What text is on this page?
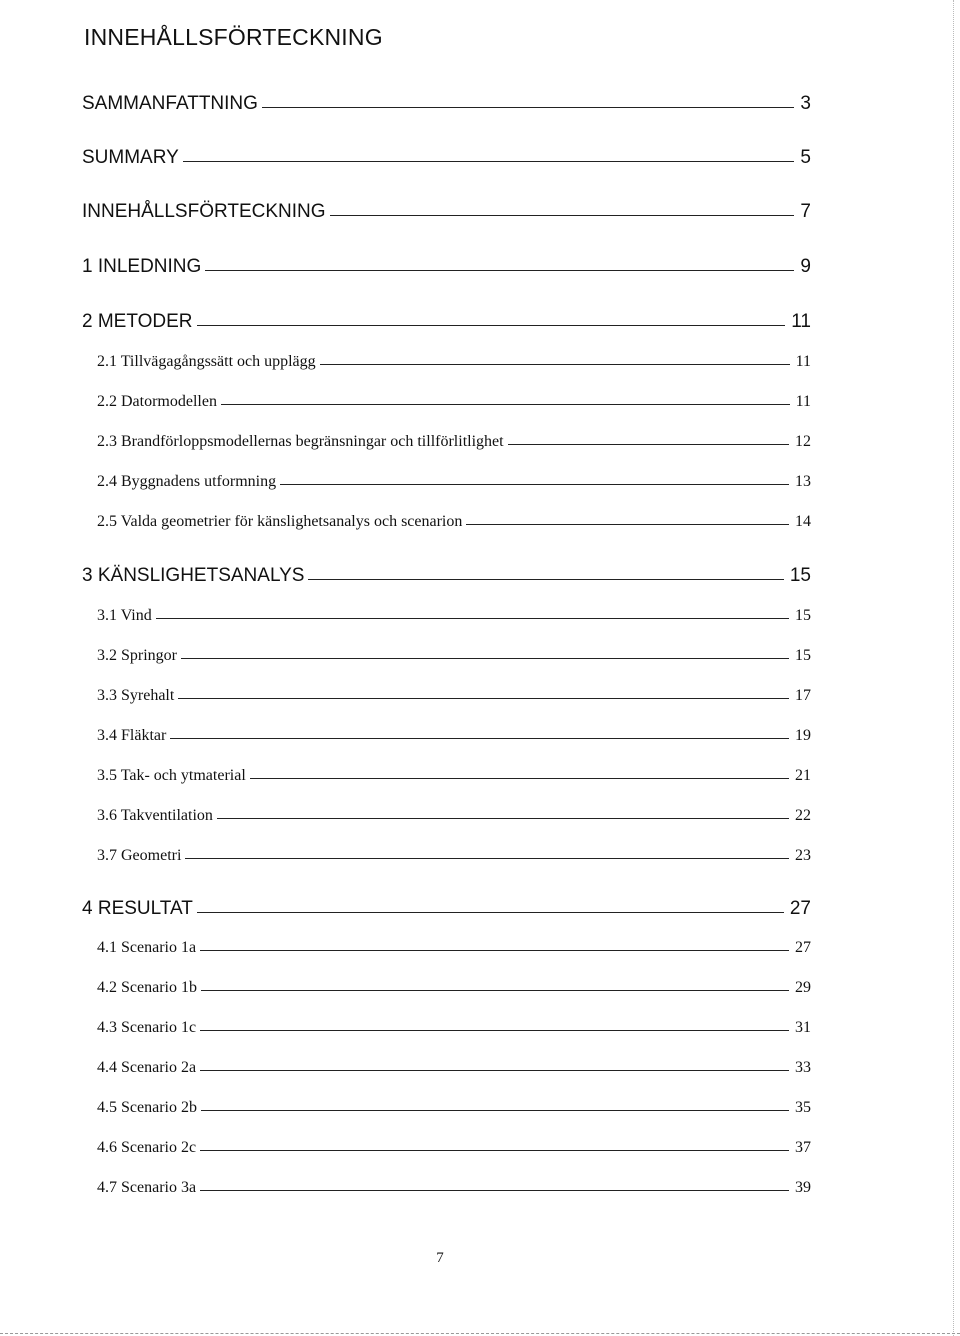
INNEHÅLLSFÖRTECKNING
SAMMANFATTNING	3
SUMMARY	5
INNEHÅLLSFÖRTECKNING	7
1 INLEDNING	9
2 METODER	11
2.1 Tillvägagångssätt och upplägg	11
2.2 Datormodellen	11
2.3 Brandförloppsmodellernas begränsningar och tillförlitlighet	12
2.4 Byggnadens utformning	13
2.5 Valda geometrier för känslighetsanalys och scenarion	14
3 KÄNSLIGHETSANALYS	15
3.1 Vind	15
3.2 Springor	15
3.3 Syrehalt	17
3.4 Fläktar	19
3.5 Tak- och ytmaterial	21
3.6 Takventilation	22
3.7 Geometri	23
4 RESULTAT	27
4.1 Scenario 1a	27
4.2 Scenario 1b	29
4.3 Scenario 1c	31
4.4 Scenario 2a	33
4.5 Scenario 2b	35
4.6 Scenario 2c	37
4.7 Scenario 3a	39
7
